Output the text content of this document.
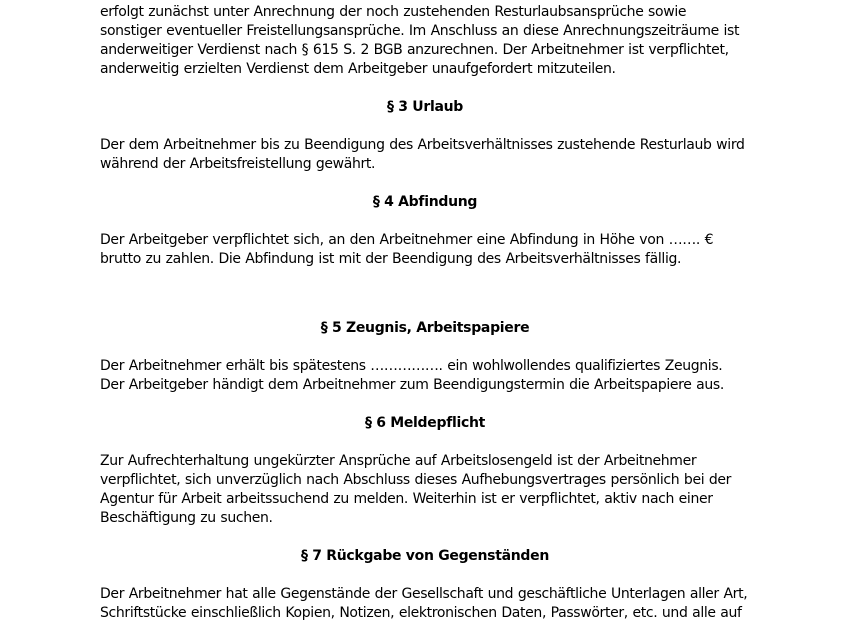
erfolgt zunächst unter Anrechnung der noch zustehenden Resturlaubsansprüche sowie sonstiger eventueller Freistellungsansprüche. Im Anschluss an diese Anrechnungszeiträume ist anderweitiger Verdienst nach § 615 S. 2 BGB anzurechnen. Der Arbeitnehmer ist verpflichtet, anderweitig erzielten Verdienst dem Arbeitgeber unaufgefordert mitzuteilen.

§ 3 Urlaub

Der dem Arbeitnehmer bis zu Beendigung des Arbeitsverhältnisses zustehende Resturlaub wird während der Arbeitsfreistellung gewährt.

§ 4 Abfindung

Der Arbeitgeber verpflichtet sich, an den Arbeitnehmer eine Abfindung in Höhe von ……. € brutto zu zahlen. Die Abfindung ist mit der Beendigung des Arbeitsverhältnisses fällig.

§ 5 Zeugnis, Arbeitspapiere

Der Arbeitnehmer erhält bis spätestens ……………. ein wohlwollendes qualifiziertes Zeugnis. Der Arbeitgeber händigt dem Arbeitnehmer zum Beendigungstermin die Arbeitspapiere aus.

§ 6 Meldepflicht

Zur Aufrechterhaltung ungekürzter Ansprüche auf Arbeitslosengeld ist der Arbeitnehmer verpflichtet, sich unverzüglich nach Abschluss dieses Aufhebungsvertrages persönlich bei der Agentur für Arbeit arbeitssuchend zu melden. Weiterhin ist er verpflichtet, aktiv nach einer Beschäftigung zu suchen.

§ 7 Rückgabe von Gegenständen

Der Arbeitnehmer hat alle Gegenstände der Gesellschaft und geschäftliche Unterlagen aller Art, Schriftstücke einschließlich Kopien, Notizen, elektronischen Daten, Passwörter, etc. und alle auf
